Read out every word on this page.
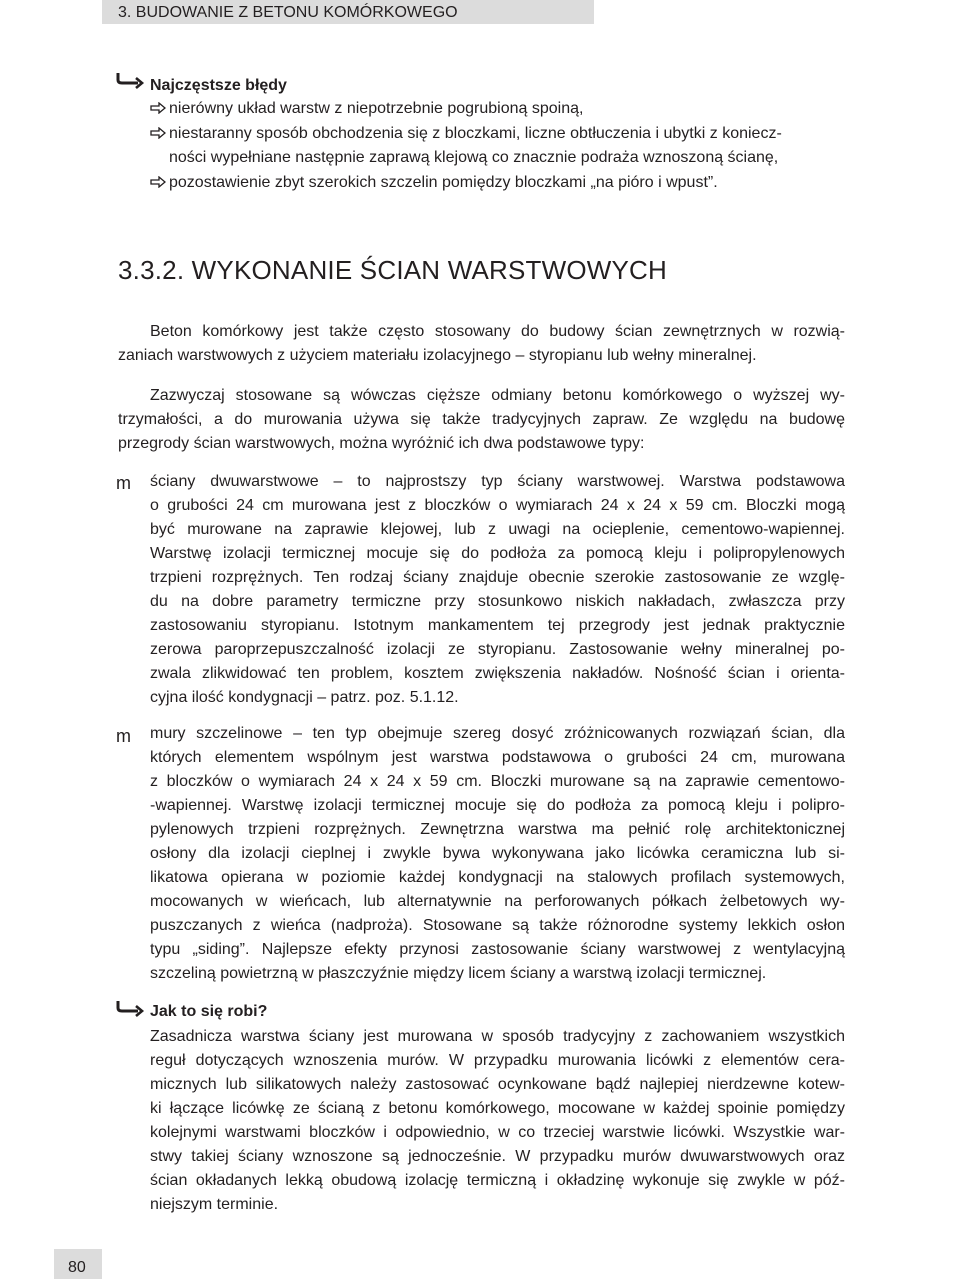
3. BUDOWANIE Z BETONU KOMÓRKOWEGO
Najczęstsze błędy
nierówny układ warstw z niepotrzebnie pogrubioną spoiną,
niestaranny sposób obchodzenia się z bloczkami, liczne obtłuczenia i ubytki z koniecz-
ności wypełniane następnie zaprawą klejową co znacznie podraża wznoszoną ścianę,
pozostawienie zbyt szerokich szczelin pomiędzy bloczkami „na pióro i wpust”.
3.3.2. WYKONANIE ŚCIAN WARSTWOWYCH
Beton komórkowy jest także często stosowany do budowy ścian zewnętrznych w rozwią-
zaniach warstwowych z użyciem materiału izolacyjnego – styropianu lub wełny mineralnej.
Zazwyczaj stosowane są wówczas cięższe odmiany betonu komórkowego o wyższej wy-
trzymałości, a do murowania używa się także tradycyjnych zapraw. Ze względu na budowę
przegrody ścian warstwowych, można wyróżnić ich dwa podstawowe typy:
m	ściany dwuwarstwowe – to najprostszy typ ściany warstwowej. Warstwa podstawowa
o grubości 24 cm murowana jest z bloczków o wymiarach 24 x 24 x 59 cm. Bloczki mogą
być murowane na zaprawie klejowej, lub z uwagi na ocieplenie, cementowo-wapiennej.
Warstwę izolacji termicznej mocuje się do podłoża za pomocą kleju i polipropylenowych
trzpieni rozprężnych. Ten rodzaj ściany znajduje obecnie szerokie zastosowanie ze wzglę-
du na dobre parametry termiczne przy stosunkowo niskich nakładach, zwłaszcza przy
zastosowaniu styropianu. Istotnym mankamentem tej przegrody jest jednak praktycznie
zerowa paroprzepuszczalność izolacji ze styropianu. Zastosowanie wełny mineralnej po-
zwala zlikwidować ten problem, kosztem zwiększenia nakładów. Nośność ścian i orienta-
cyjna ilość kondygnacji – patrz. poz. 5.1.12.
m	mury szczelinowe – ten typ obejmuje szereg dosyć zróżnicowanych rozwiązań ścian, dla
których elementem wspólnym jest warstwa podstawowa o grubości 24 cm, murowana
z bloczków o wymiarach 24 x 24 x 59 cm. Bloczki murowane są na zaprawie cementowo-
-wapiennej. Warstwę izolacji termicznej mocuje się do podłoża za pomocą kleju i polipro-
pylenowych trzpieni rozprężnych. Zewnętrzna warstwa ma pełnić rolę architektonicznej
osłony dla izolacji cieplnej i zwykle bywa wykonywana jako licówka ceramiczna lub si-
likatowa opierana w poziomie każdej kondygnacji na stalowych profilach systemowych,
mocowanych w wieńcach, lub alternatywnie na perforowanych półkach żelbetowych wy-
puszczanych z wieńca (nadproża). Stosowane są także różnorodne systemy lekkich osłon
typu „siding”. Najlepsze efekty przynosi zastosowanie ściany warstwowej z wentylacyjną
szczeliną powietrzną w płaszczyźnie między licem ściany a warstwą izolacji termicznej.
Jak to się robi?
Zasadnicza warstwa ściany jest murowana w sposób tradycyjny z zachowaniem wszystkich
reguł dotyczących wznoszenia murów. W przypadku murowania licówki z elementów cera-
micznych lub silikatowych należy zastosować ocynkowane bądź najlepiej nierdzewne kotew-
ki łączące licówkę ze ścianą z betonu komórkowego, mocowane w każdej spoinie pomiędzy
kolejnymi warstwami bloczków i odpowiednio, w co trzeciej warstwie licówki. Wszystkie war-
stwy takiej ściany wznoszone są jednocześnie. W przypadku murów dwuwarstwowych oraz
ścian okładanych lekką obudową izolację termiczną i okładzinę wykonuje się zwykle w póź-
niejszym terminie.
80
